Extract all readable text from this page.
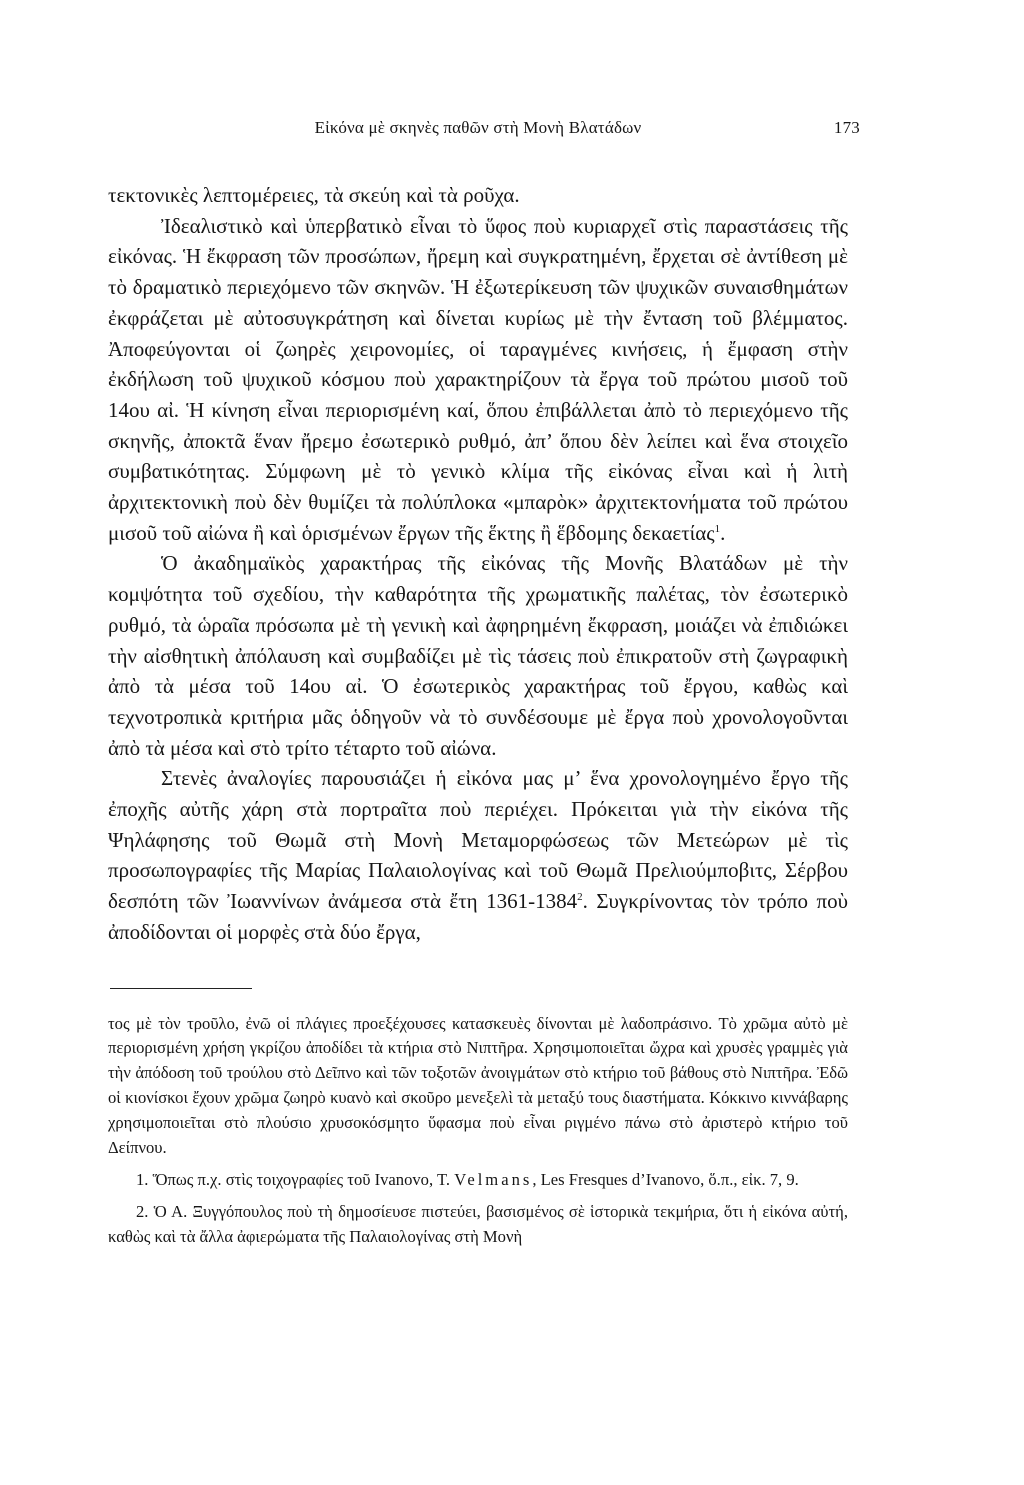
Εἰκόνα μὲ σκηνὲς παθῶν στὴ Μονὴ Βλατάδων	173

τεκτονικὲς λεπτομέρειες, τὰ σκεύη καὶ τὰ ροῦχα.

Ἰδεαλιστικὸ καὶ ὑπερβατικὸ εἶναι τὸ ὕφος ποὺ κυριαρχεῖ στὶς παραστάσεις τῆς εἰκόνας. Ἡ ἔκφραση τῶν προσώπων, ἤρεμη καὶ συγκρατημένη, ἔρχεται σὲ ἀντίθεση μὲ τὸ δραματικὸ περιεχόμενο τῶν σκηνῶν. Ἡ ἐξωτερίκευση τῶν ψυχικῶν συναισθημάτων ἐκφράζεται μὲ αὐτοσυγκράτηση καὶ δίνεται κυρίως μὲ τὴν ἔνταση τοῦ βλέμματος. Ἀποφεύγονται οἱ ζωηρὲς χειρονομίες, οἱ ταραγμένες κινήσεις, ἡ ἔμφαση στὴν ἐκδήλωση τοῦ ψυχικοῦ κόσμου ποὺ χαρακτηρίζουν τὰ ἔργα τοῦ πρώτου μισοῦ τοῦ 14ου αἰ. Ἡ κίνηση εἶναι περιορισμένη καί, ὅπου ἐπιβάλλεται ἀπὸ τὸ περιεχόμενο τῆς σκηνῆς, ἀποκτᾶ ἕναν ἤρεμο ἐσωτερικὸ ρυθμό, ἀπ’ ὅπου δὲν λείπει καὶ ἕνα στοιχεῖο συμβατικότητας. Σύμφωνη μὲ τὸ γενικὸ κλίμα τῆς εἰκόνας εἶναι καὶ ἡ λιτὴ ἀρχιτεκτονικὴ ποὺ δὲν θυμίζει τὰ πολύπλοκα «μπαρὸκ» ἀρχιτεκτονήματα τοῦ πρώτου μισοῦ τοῦ αἰώνα ἢ καὶ ὁρισμένων ἔργων τῆς ἕκτης ἢ ἕβδομης δεκαετίας$^1$.

Ὁ ἀκαδημαϊκὸς χαρακτήρας τῆς εἰκόνας τῆς Μονῆς Βλατάδων μὲ τὴν κομψότητα τοῦ σχεδίου, τὴν καθαρότητα τῆς χρωματικῆς παλέτας, τὸν ἐσωτερικὸ ρυθμό, τὰ ὡραῖα πρόσωπα μὲ τὴ γενικὴ καὶ ἀφηρημένη ἔκφραση, μοιάζει νὰ ἐπιδιώκει τὴν αἰσθητικὴ ἀπόλαυση καὶ συμβαδίζει μὲ τὶς τάσεις ποὺ ἐπικρατοῦν στὴ ζωγραφικὴ ἀπὸ τὰ μέσα τοῦ 14ου αἰ. Ὁ ἐσωτερικὸς χαρακτήρας τοῦ ἔργου, καθὼς καὶ τεχνοτροπικὰ κριτήρια μᾶς ὁδηγοῦν νὰ τὸ συνδέσουμε μὲ ἔργα ποὺ χρονολογοῦνται ἀπὸ τὰ μέσα καὶ στὸ τρίτο τέταρτο τοῦ αἰώνα.

Στενὲς ἀναλογίες παρουσιάζει ἡ εἰκόνα μας μ’ ἕνα χρονολογημένο ἔργο τῆς ἐποχῆς αὐτῆς χάρη στὰ πορτραῖτα ποὺ περιέχει. Πρόκειται γιὰ τὴν εἰκόνα τῆς Ψηλάφησης τοῦ Θωμᾶ στὴ Μονὴ Μεταμορφώσεως τῶν Μετεώρων μὲ τὶς προσωπογραφίες τῆς Μαρίας Παλαιολογίνας καὶ τοῦ Θωμᾶ Πρελιούμποβιτς, Σέρβου δεσπότη τῶν Ἰωαννίνων ἀνάμεσα στὰ ἔτη 1361-1384$^2$. Συγκρίνοντας τὸν τρόπο ποὺ ἀποδίδονται οἱ μορφὲς στὰ δύο ἔργα,

τος μὲ τὸν τροῦλο, ἐνῶ οἱ πλάγιες προεξέχουσες κατασκευὲς δίνονται μὲ λαδοπράσινο. Τὸ χρῶμα αὐτὸ μὲ περιορισμένη χρήση γκρίζου ἀποδίδει τὰ κτήρια στὸ Νιπτῆρα. Χρησιμοποιεῖται ὤχρα καὶ χρυσὲς γραμμὲς γιὰ τὴν ἀπόδοση τοῦ τρούλου στὸ Δεῖπνο καὶ τῶν τοξοτῶν ἀνοιγμάτων στὸ κτήριο τοῦ βάθους στὸ Νιπτῆρα. Ἐδῶ οἱ κιονίσκοι ἔχουν χρῶμα ζωηρὸ κυανὸ καὶ σκοῦρο μενεξελὶ τὰ μεταξύ τους διαστήματα. Κόκκινο κιννάβαρης χρησιμοποιεῖται στὸ πλούσιο χρυσοκόσμητο ὕφασμα ποὺ εἶναι ριγμένο πάνω στὸ ἀριστερὸ κτήριο τοῦ Δείπνου.

1. Ὅπως π.χ. στὶς τοιχογραφίες τοῦ Ivanovo, T. Velmans, Les Fresques d’Ivanovo, ὅ.π., εἰκ. 7, 9.

2. Ὁ Α. Ξυγγόπουλος ποὺ τὴ δημοσίευσε πιστεύει, βασισμένος σὲ ἱστορικὰ τεκμήρια, ὅτι ἡ εἰκόνα αὐτή, καθὼς καὶ τὰ ἄλλα ἀφιερώματα τῆς Παλαιολογίνας στὴ Μονὴ
